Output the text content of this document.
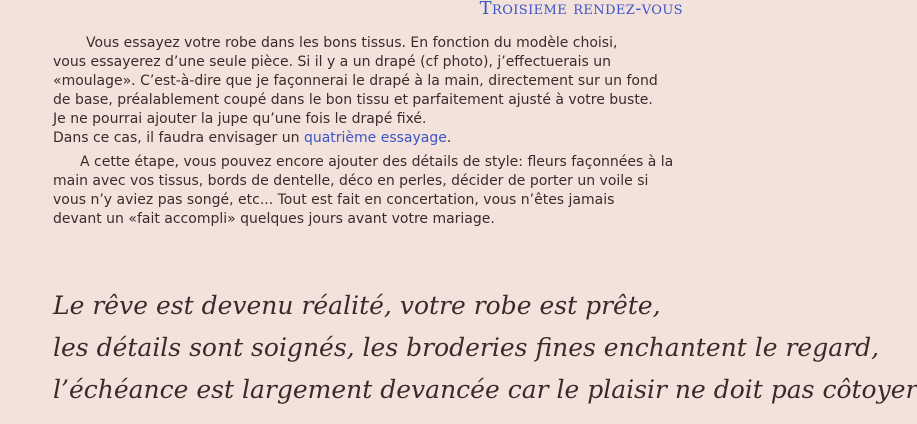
Troisieme rendez-vous

Vous essayez votre robe dans les bons tissus. En fonction du modèle choisi,
vous essayerez d’une seule pièce. Si il y a un drapé (cf photo), j’effectuerais un
«moulage». C’est-à-dire que je façonnerai le drapé à la main, directement sur un fond
de base, préalablement coupé dans le bon tissu et parfaitement ajusté à votre buste.
Je ne pourrai ajouter la jupe qu’une fois le drapé fixé.
Dans ce cas, il faudra envisager un quatrième essayage.

A cette étape, vous pouvez encore ajouter des détails de style: fleurs façonnées à la
main avec vos tissus, bords de dentelle, déco en perles, décider de porter un voile si
vous n’y aviez pas songé, etc... Tout est fait en concertation, vous n’êtes jamais
devant un «fait accompli» quelques jours avant votre mariage.

Le rêve est devenu réalité, votre robe est prête,
les détails sont soignés, les broderies fines enchantent le regard,
l’échéance est largement devancée car le plaisir ne doit pas côtoyer
